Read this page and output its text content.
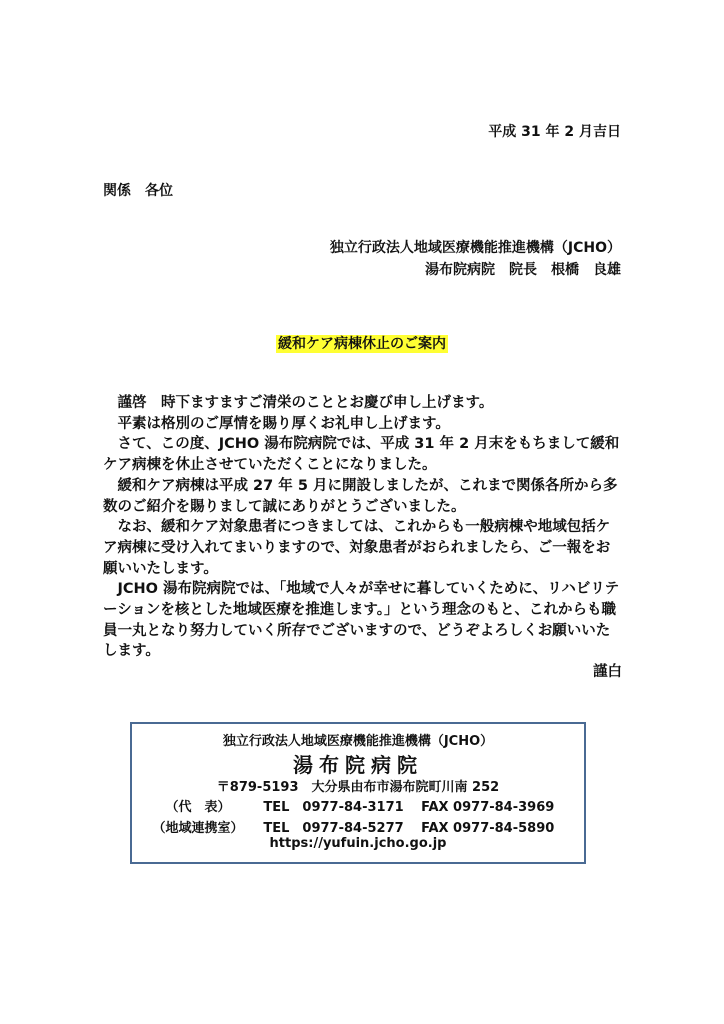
平成 31 年 2 月吉日
関係　各位
独立行政法人地域医療機能推進機構（JCHO）
湯布院病院　院長　根橋　良雄
緩和ケア病棟休止のご案内

謹啓　時下ますますご清栄のこととお慶び申し上げます。

平素は格別のご厚情を賜り厚くお礼申し上げます。

さて、この度、JCHO 湯布院病院では、平成 31 年 2 月末をもちまして緩和ケア病棟を休止させていただくことになりました。

緩和ケア病棟は平成 27 年 5 月に開設しましたが、これまで関係各所から多数のご紹介を賜りまして誠にありがとうございました。

なお、緩和ケア対象患者につきましては、これからも一般病棟や地域包括ケア病棟に受け入れてまいりますので、対象患者がおられましたら、ご一報をお願いいたします。

JCHO 湯布院病院では、「地域で人々が幸せに暮していくために、リハビリテーションを核とした地域医療を推進します。」という理念のもと、これからも職員一丸となり努力していく所存でございますので、どうぞよろしくお願いいたします。

謹白
独立行政法人地域医療機能推進機構（JCHO）
湯布院病院
〒879-5193　大分県由布市湯布院町川南 252
（代　表）	TEL　0977-84-3171 FAX 0977-84-3969
（地域連携室） TEL　0977-84-5277 FAX 0977-84-5890
https://yufuin.jcho.go.jp
